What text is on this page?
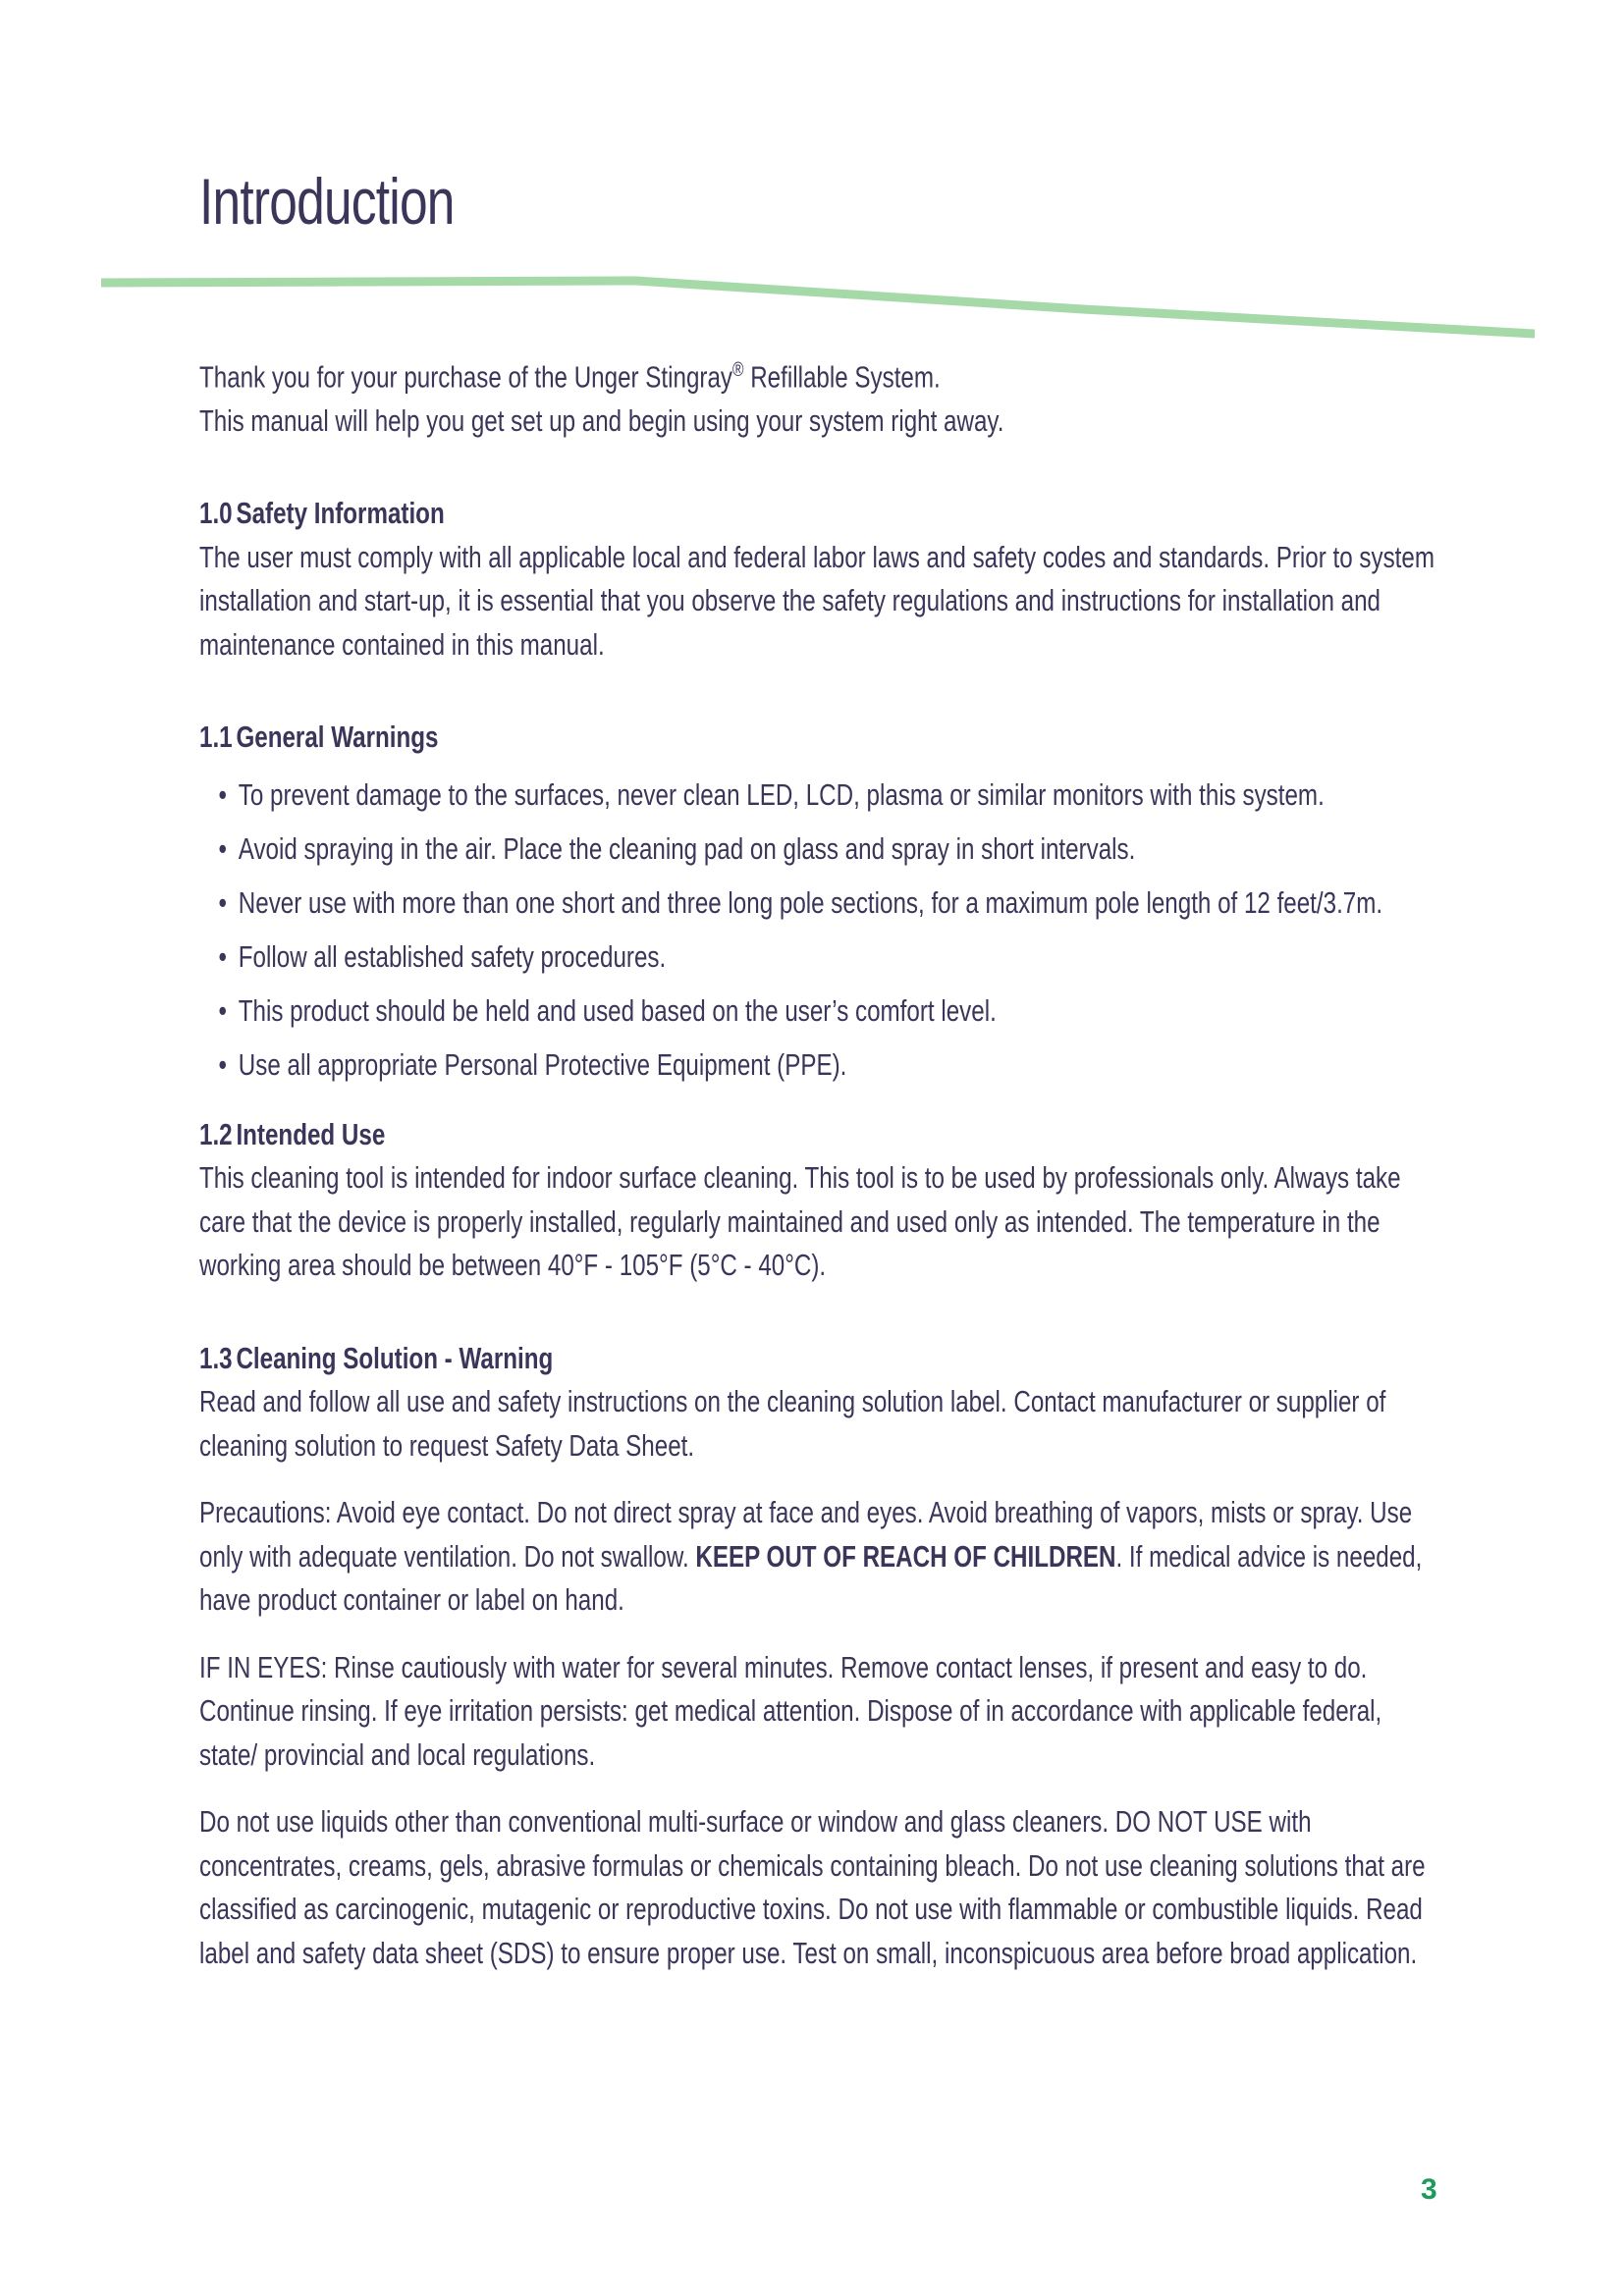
Introduction

Thank you for your purchase of the Unger Stingray® Refillable System.

This manual will help you get set up and begin using your system right away.

1.0 Safety Information

The user must comply with all applicable local and federal labor laws and safety codes and standards. Prior to system installation and start-up, it is essential that you observe the safety regulations and instructions for installation and maintenance contained in this manual.

1.1 General Warnings
• To prevent damage to the surfaces, never clean LED, LCD, plasma or similar monitors with this system.
• Avoid spraying in the air. Place the cleaning pad on glass and spray in short intervals.
• Never use with more than one short and three long pole sections, for a maximum pole length of 12 feet/3.7m.
• Follow all established safety procedures.
• This product should be held and used based on the user’s comfort level.
• Use all appropriate Personal Protective Equipment (PPE).
1.2 Intended Use

This cleaning tool is intended for indoor surface cleaning. This tool is to be used by professionals only. Always take care that the device is properly installed, regularly maintained and used only as intended. The temperature in the working area should be between 40°F - 105°F (5°C - 40°C).

1.3 Cleaning Solution - Warning

Read and follow all use and safety instructions on the cleaning solution label. Contact manufacturer or supplier of cleaning solution to request Safety Data Sheet.

Precautions: Avoid eye contact. Do not direct spray at face and eyes. Avoid breathing of vapors, mists or spray. Use only with adequate ventilation. Do not swallow. KEEP OUT OF REACH OF CHILDREN. If medical advice is needed, have product container or label on hand.

IF IN EYES: Rinse cautiously with water for several minutes. Remove contact lenses, if present and easy to do. Continue rinsing. If eye irritation persists: get medical attention. Dispose of in accordance with applicable federal, state/ provincial and local regulations.

Do not use liquids other than conventional multi-surface or window and glass cleaners. DO NOT USE with concentrates, creams, gels, abrasive formulas or chemicals containing bleach. Do not use cleaning solutions that are classified as carcinogenic, mutagenic or reproductive toxins. Do not use with flammable or combustible liquids. Read label and safety data sheet (SDS) to ensure proper use. Test on small, inconspicuous area before broad application.

3
